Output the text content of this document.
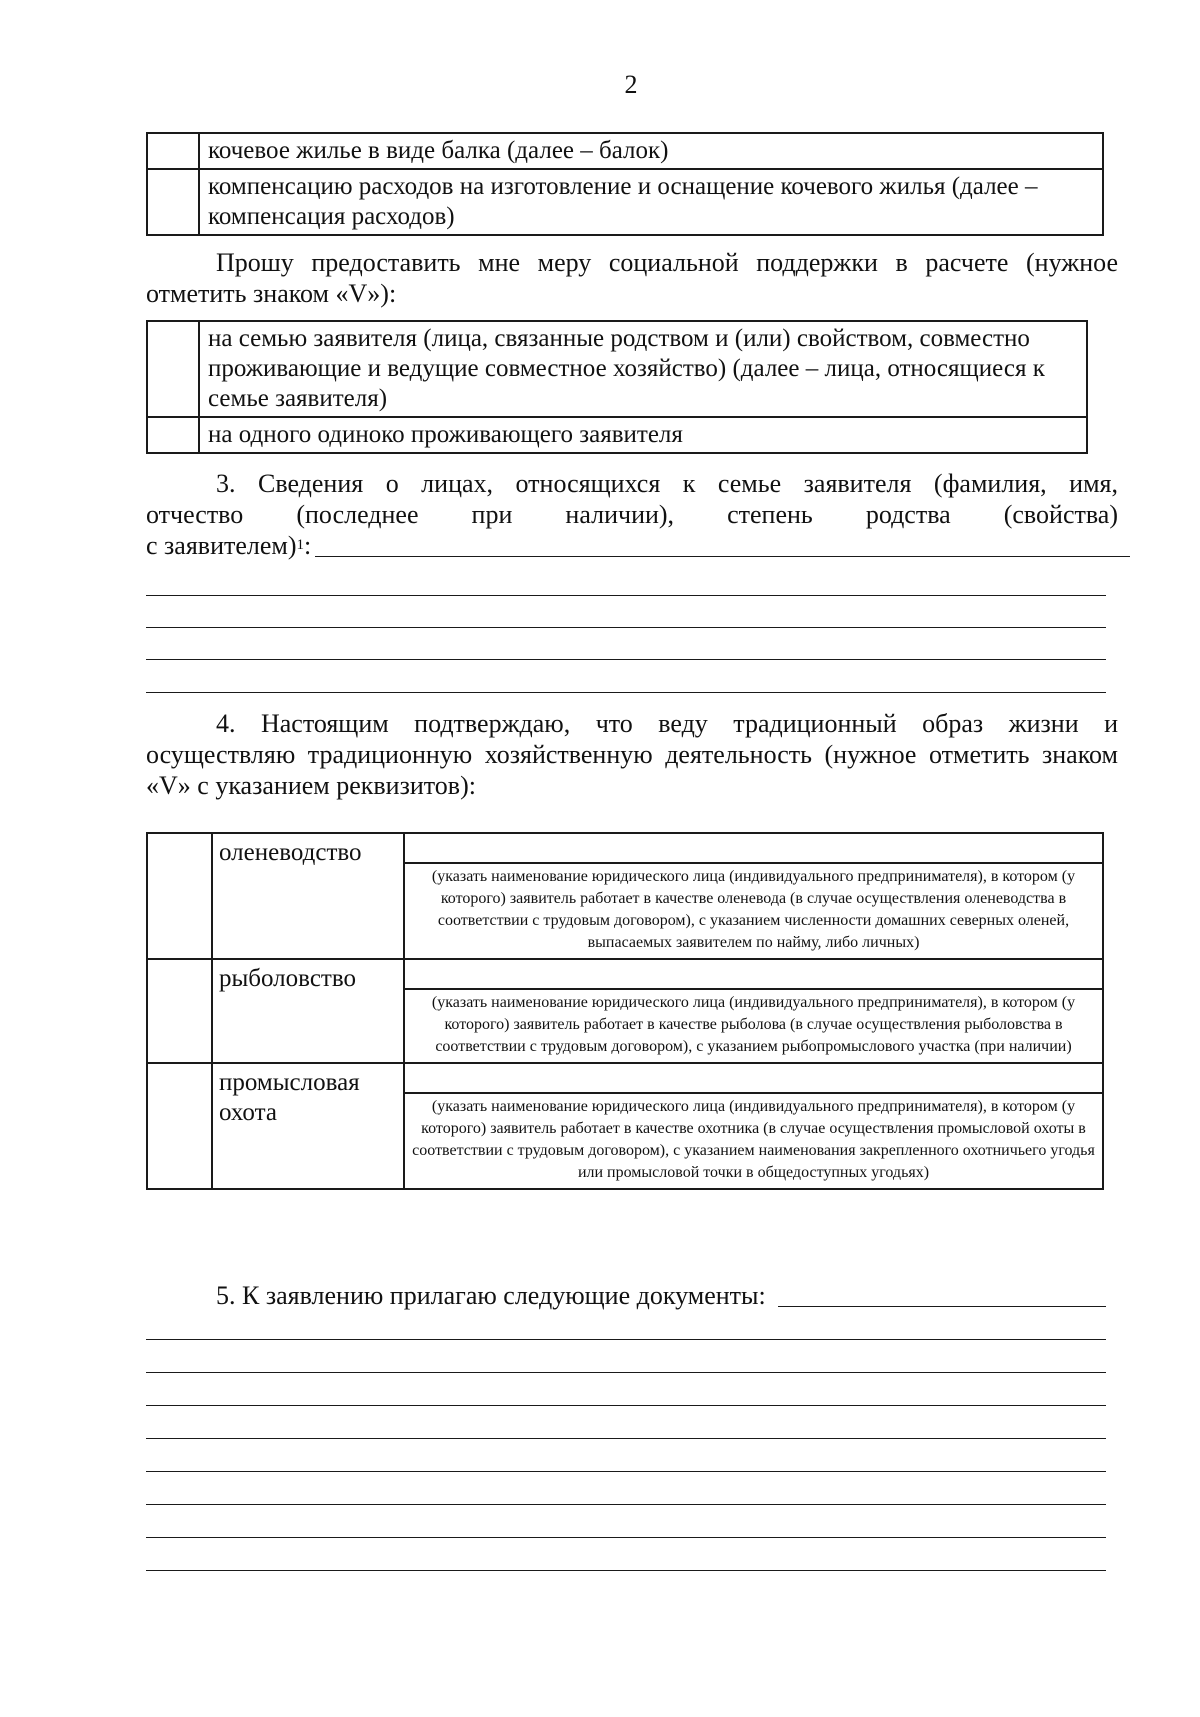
2
	кочевое жилье в виде балка (далее – балок)
	компенсацию расходов на изготовление и оснащение кочевого жилья (далее – компенсация расходов)

Прошу предоставить мне меру социальной поддержки в расчете (нужное отметить знаком «V»):

	на семью заявителя (лица, связанные родством и (или) свойством, совместно проживающие и ведущие совместное хозяйство) (далее – лица, относящиеся к семье заявителя)
	на одного одиноко проживающего заявителя
3. Сведения о лицах, относящихся к семье заявителя (фамилия, имя,
отчество (последнее при наличии), степень родства (свойства)
с заявителем) 1 :

4. Настоящим подтверждаю, что веду традиционный образ жизни и осуществляю традиционную хозяйственную деятельность (нужное отметить знаком «V» с указанием реквизитов):

	оленеводство	(указать наименование юридического лица (индивидуального предпринимателя), в котором (у которого) заявитель работает в качестве оленевода (в случае осуществления оленеводства в соответствии с трудовым договором), с указанием численности домашних северных оленей, выпасаемых заявителем по найму, либо личных)

	рыболовство	(указать наименование юридического лица (индивидуального предпринимателя), в котором (у которого) заявитель работает в качестве рыболова (в случае осуществления рыболовства в соответствии с трудовым договором), с указанием рыбопромыслового участка (при наличии)

	промысловая охота	(указать наименование юридического лица (индивидуального предпринимателя), в котором (у которого) заявитель работает в качестве охотника (в случае осуществления промысловой охоты в соответствии с трудовым договором), с указанием наименования закрепленного охотничьего угодья или промысловой точки в общедоступных угодьях)
5. К заявлению прилагаю следующие документы:
